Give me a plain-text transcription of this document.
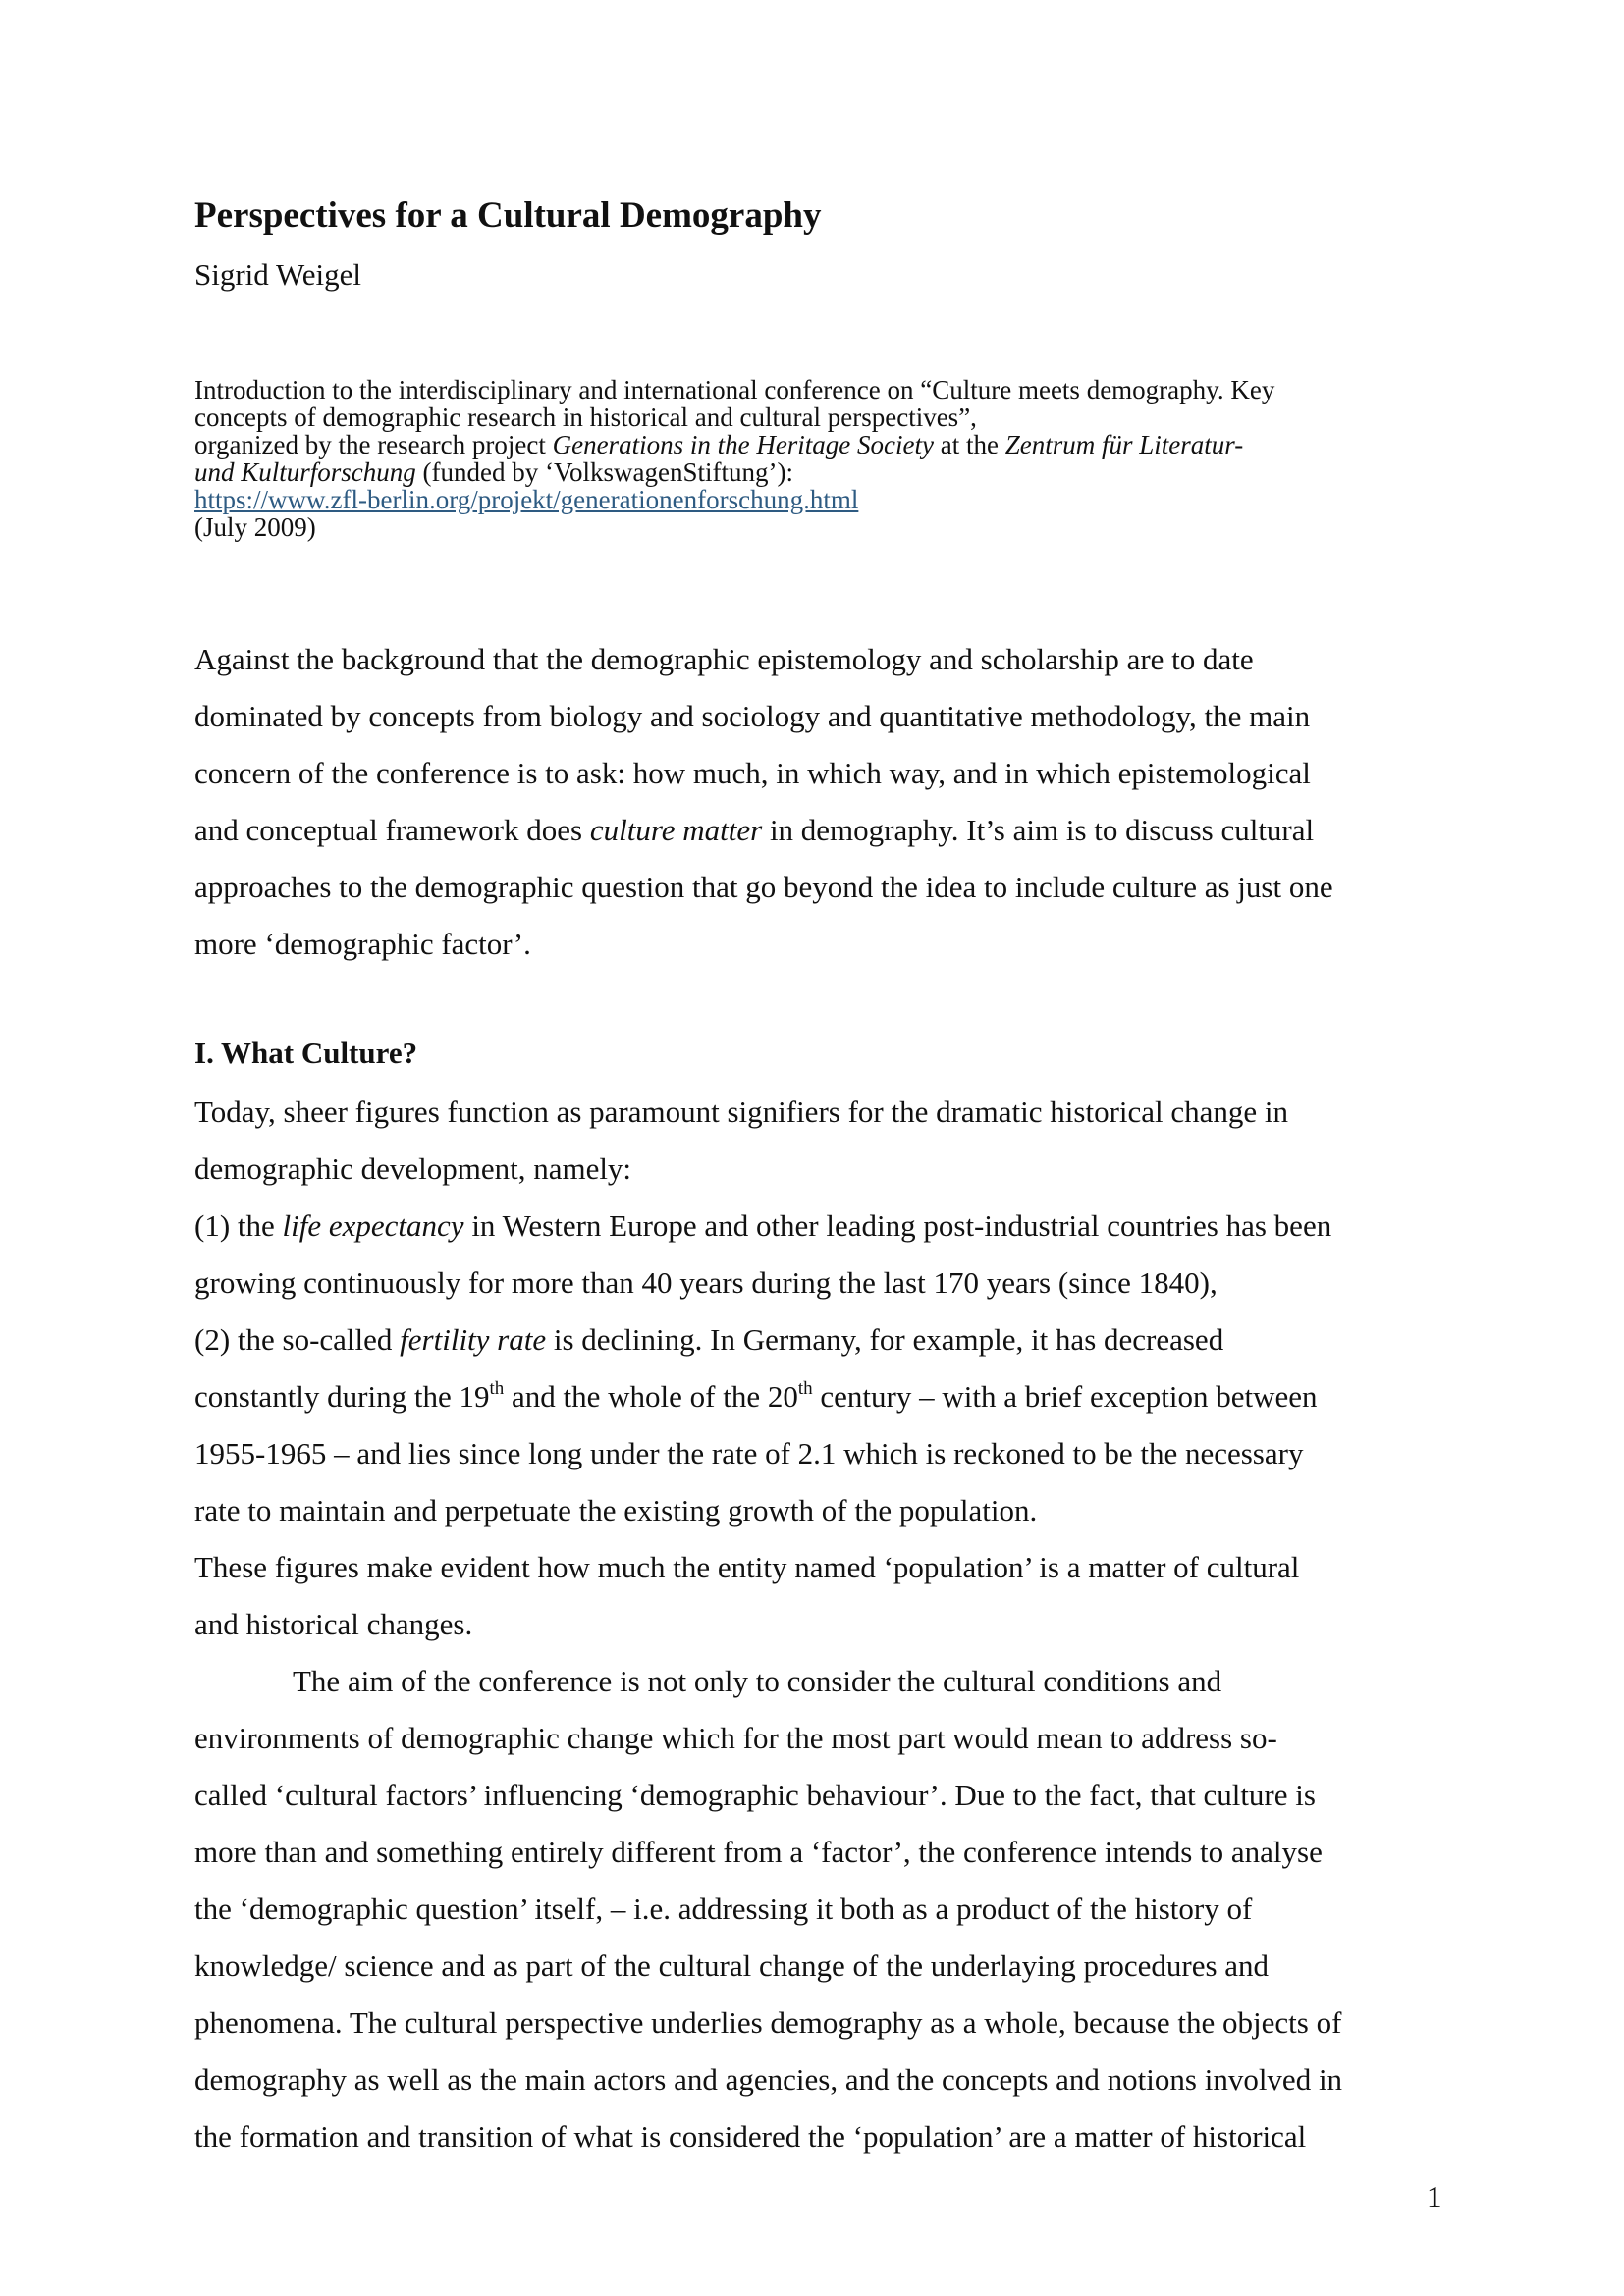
Perspectives for a Cultural Demography
Sigrid Weigel
Introduction to the interdisciplinary and international conference on “Culture meets demography. Key
concepts of demographic research in historical and cultural perspectives”,
organized by the research project Generations in the Heritage Society at the Zentrum für Literatur-
und Kulturforschung (funded by ‘VolkswagenStiftung’):
https://www.zfl-berlin.org/projekt/generationenforschung.html
(July 2009)
Against the background that the demographic epistemology and scholarship are to date
dominated by concepts from biology and sociology and quantitative methodology, the main
concern of the conference is to ask: how much, in which way, and in which epistemological
and conceptual framework does culture matter in demography. It’s aim is to discuss cultural
approaches to the demographic question that go beyond the idea to include culture as just one
more ‘demographic factor’.
I. What Culture?
Today, sheer figures function as paramount signifiers for the dramatic historical change in
demographic development, namely:
(1) the life expectancy in Western Europe and other leading post-industrial countries has been
growing continuously for more than 40 years during the last 170 years (since 1840),
(2) the so-called fertility rate is declining. In Germany, for example, it has decreased
constantly during the 19th and the whole of the 20th century – with a brief exception between
1955-1965 – and lies since long under the rate of 2.1 which is reckoned to be the necessary
rate to maintain and perpetuate the existing growth of the population.
These figures make evident how much the entity named ‘population’ is a matter of cultural
and historical changes.
The aim of the conference is not only to consider the cultural conditions and
environments of demographic change which for the most part would mean to address so-
called ‘cultural factors’ influencing ‘demographic behaviour’. Due to the fact, that culture is
more than and something entirely different from a ‘factor’, the conference intends to analyse
the ‘demographic question’ itself, – i.e. addressing it both as a product of the history of
knowledge/ science and as part of the cultural change of the underlaying procedures and
phenomena. The cultural perspective underlies demography as a whole, because the objects of
demography as well as the main actors and agencies, and the concepts and notions involved in
the formation and transition of what is considered the ‘population’ are a matter of historical
1
